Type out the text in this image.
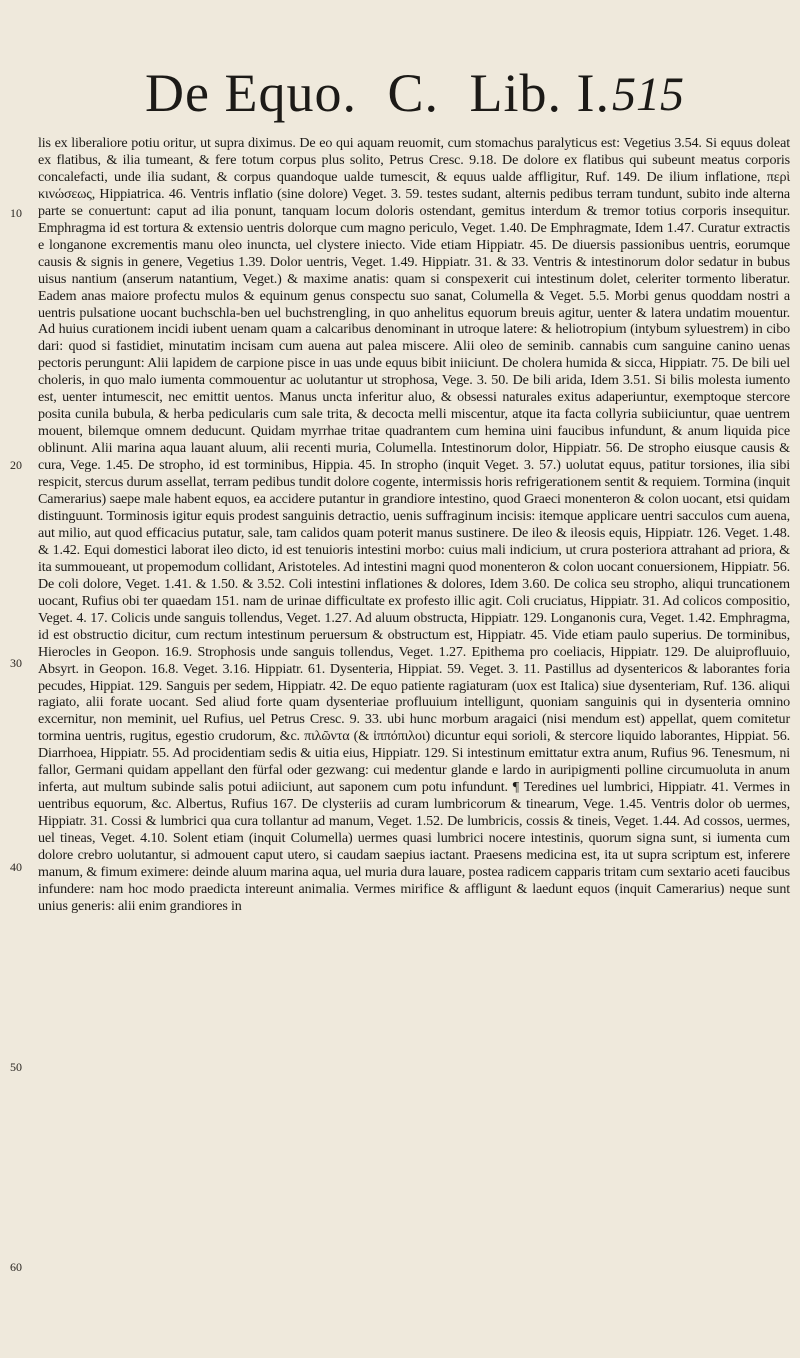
De Equo. C. Lib. I. 515
10
20
30
40
50
60

lis ex liberaliore potiu oritur, ut supra diximus. De eo qui aquam reuomit, cum stomachus paralyticus est: Vegetius 3.54. Si equus doleat ex flatibus, & ilia tumeant, & fere totum corpus plus solito, Petrus Cresc. 9.18. De dolore ex flatibus qui subeunt meatus corporis concalefacti, unde ilia sudant, & corpus quandoque ualde tumescit, & equus ualde affligitur, Ruf. 149. De ilium inflatione, περὶ κινώσεως, Hippiatrica. 46. Ventris inflatio (sine dolore) Veget. 3. 59. testes sudant, alternis pedibus terram tundunt, subito inde alterna parte se conuertunt: caput ad ilia ponunt, tanquam locum doloris ostendant, gemitus interdum & tremor totius corporis insequitur. Emphragma id est tortura & extensio uentris dolorque cum magno periculo, Veget. 1.40. De Emphragmate, Idem 1.47. Curatur extractis e longanone excrementis manu oleo inuncta, uel clystere iniecto. Vide etiam Hippiatr. 45. De diuersis passionibus uentris, eorumque causis & signis in genere, Vegetius 1.39. Dolor uentris, Veget. 1.49. Hippiatr. 31. & 33. Ventris & intestinorum dolor sedatur in bubus uisus nantium (anserum natantium, Veget.) & maxime anatis: quam si conspexerit cui intestinum dolet, celeriter tormento liberatur. Eadem anas maiore profectu mulos & equinum genus conspectu suo sanat, Columella & Veget. 5.5. Morbi genus quoddam nostri a uentris pulsatione uocant buchschla-ben uel buchstrengling, in quo anhelitus equorum breuis agitur, uenter & latera undatim mouentur. Ad huius curationem incidi iubent uenam quam a calcaribus denominant in utroque latere: & heliotropium (intybum syluestrem) in cibo dari: quod si fastidiet, minutatim incisam cum auena aut palea miscere. Alii oleo de seminib. cannabis cum sanguine canino uenas pectoris perungunt: Alii lapidem de carpione pisce in uas unde equus bibit iniiciunt. De cholera humida & sicca, Hippiatr. 75. De bili uel choleris, in quo malo iumenta commouentur ac uolutantur ut strophosa, Vege. 3. 50. De bili arida, Idem 3.51. Si bilis molesta iumento est, uenter intumescit, nec emittit uentos. Manus uncta inferitur aluo, & obsessi naturales exitus adaperiuntur, exemptoque stercore posita cunila bubula, & herba pedicularis cum sale trita, & decocta melli miscentur, atque ita facta collyria subiiciuntur, quae uentrem mouent, bilemque omnem deducunt. Quidam myrrhae tritae quadrantem cum hemina uini faucibus infundunt, & anum liquida pice oblinunt. Alii marina aqua lauant aluum, alii recenti muria, Columella. Intestinorum dolor, Hippiatr. 56. De stropho eiusque causis & cura, Vege. 1.45. De stropho, id est torminibus, Hippia. 45. In stropho (inquit Veget. 3. 57.) uolutat equus, patitur torsiones, ilia sibi respicit, stercus durum assellat, terram pedibus tundit dolore cogente, intermissis horis refrigerationem sentit & requiem. Tormina (inquit Camerarius) saepe male habent equos, ea accidere putantur in grandiore intestino, quod Graeci monenteron & colon uocant, etsi quidam distinguunt. Torminosis igitur equis prodest sanguinis detractio, uenis suffraginum incisis: itemque applicare uentri sacculos cum auena, aut milio, aut quod efficacius putatur, sale, tam calidos quam poterit manus sustinere. De ileo & ileosis equis, Hippiatr. 126. Veget. 1.48. & 1.42. Equi domestici laborat ileo dicto, id est tenuioris intestini morbo: cuius mali indicium, ut crura posteriora attrahant ad priora, & ita summoueant, ut propemodum collidant, Aristoteles. Ad intestini magni quod monenteron & colon uocant conuersionem, Hippiatr. 56. De coli dolore, Veget. 1.41. & 1.50. & 3.52. Coli intestini inflationes & dolores, Idem 3.60. De colica seu stropho, aliqui truncationem uocant, Rufius obi ter quaedam 151. nam de urinae difficultate ex profesto illic agit. Coli cruciatus, Hippiatr. 31. Ad colicos compositio, Veget. 4. 17. Colicis unde sanguis tollendus, Veget. 1.27. Ad aluum obstructa, Hippiatr. 129. Longanonis cura, Veget. 1.42. Emphragma, id est obstructio dicitur, cum rectum intestinum peruersum & obstructum est, Hippiatr. 45. Vide etiam paulo superius. De torminibus, Hierocles in Geopon. 16.9. Strophosis unde sanguis tollendus, Veget. 1.27. Epithema pro coeliacis, Hippiatr. 129. De aluiprofluuio, Absyrt. in Geopon. 16.8. Veget. 3.16. Hippiatr. 61. Dysenteria, Hippiat. 59. Veget. 3. 11. Pastillus ad dysentericos & laborantes foria pecudes, Hippiat. 129. Sanguis per sedem, Hippiatr. 42. De equo patiente ragiaturam (uox est Italica) siue dysenteriam, Ruf. 136. aliqui ragiato, alii forate uocant. Sed aliud forte quam dysenteriae profluuium intelligunt, quoniam sanguinis qui in dysenteria omnino excernitur, non meminit, uel Rufius, uel Petrus Cresc. 9. 33. ubi hunc morbum aragaici (nisi mendum est) appellat, quem comitetur tormina uentris, rugitus, egestio crudorum, &c. πιλῶντα (& ἰππόπιλοι) dicuntur equi sorioli, & stercore liquido laborantes, Hippiat. 56. Diarrhoea, Hippiatr. 55. Ad procidentiam sedis & uitia eius, Hippiatr. 129. Si intestinum emittatur extra anum, Rufius 96. Tenesmum, ni fallor, Germani quidam appellant den fürfal oder gezwang: cui medentur glande e lardo in auripigmenti polline circumuoluta in anum inferta, aut multum subinde salis potui adiiciunt, aut saponem cum potu infundunt. ¶ Teredines uel lumbrici, Hippiatr. 41. Vermes in uentribus equorum, &c. Albertus, Rufius 167. De clysteriis ad curam lumbricorum & tinearum, Vege. 1.45. Ventris dolor ob uermes, Hippiatr. 31. Cossi & lumbrici qua cura tollantur ad manum, Veget. 1.52. De lumbricis, cossis & tineis, Veget. 1.44. Ad cossos, uermes, uel tineas, Veget. 4.10. Solent etiam (inquit Columella) uermes quasi lumbrici nocere intestinis, quorum signa sunt, si iumenta cum dolore crebro uolutantur, si admouent caput utero, si caudam saepius iactant. Praesens medicina est, ita ut supra scriptum est, inferere manum, & fimum eximere: deinde aluum marina aqua, uel muria dura lauare, postea radicem capparis tritam cum sextario aceti faucibus infundere: nam hoc modo praedicta intereunt animalia. Vermes mirifice & affligunt & laedunt equos (inquit Camerarius) neque sunt unius generis: alii enim grandiores in
